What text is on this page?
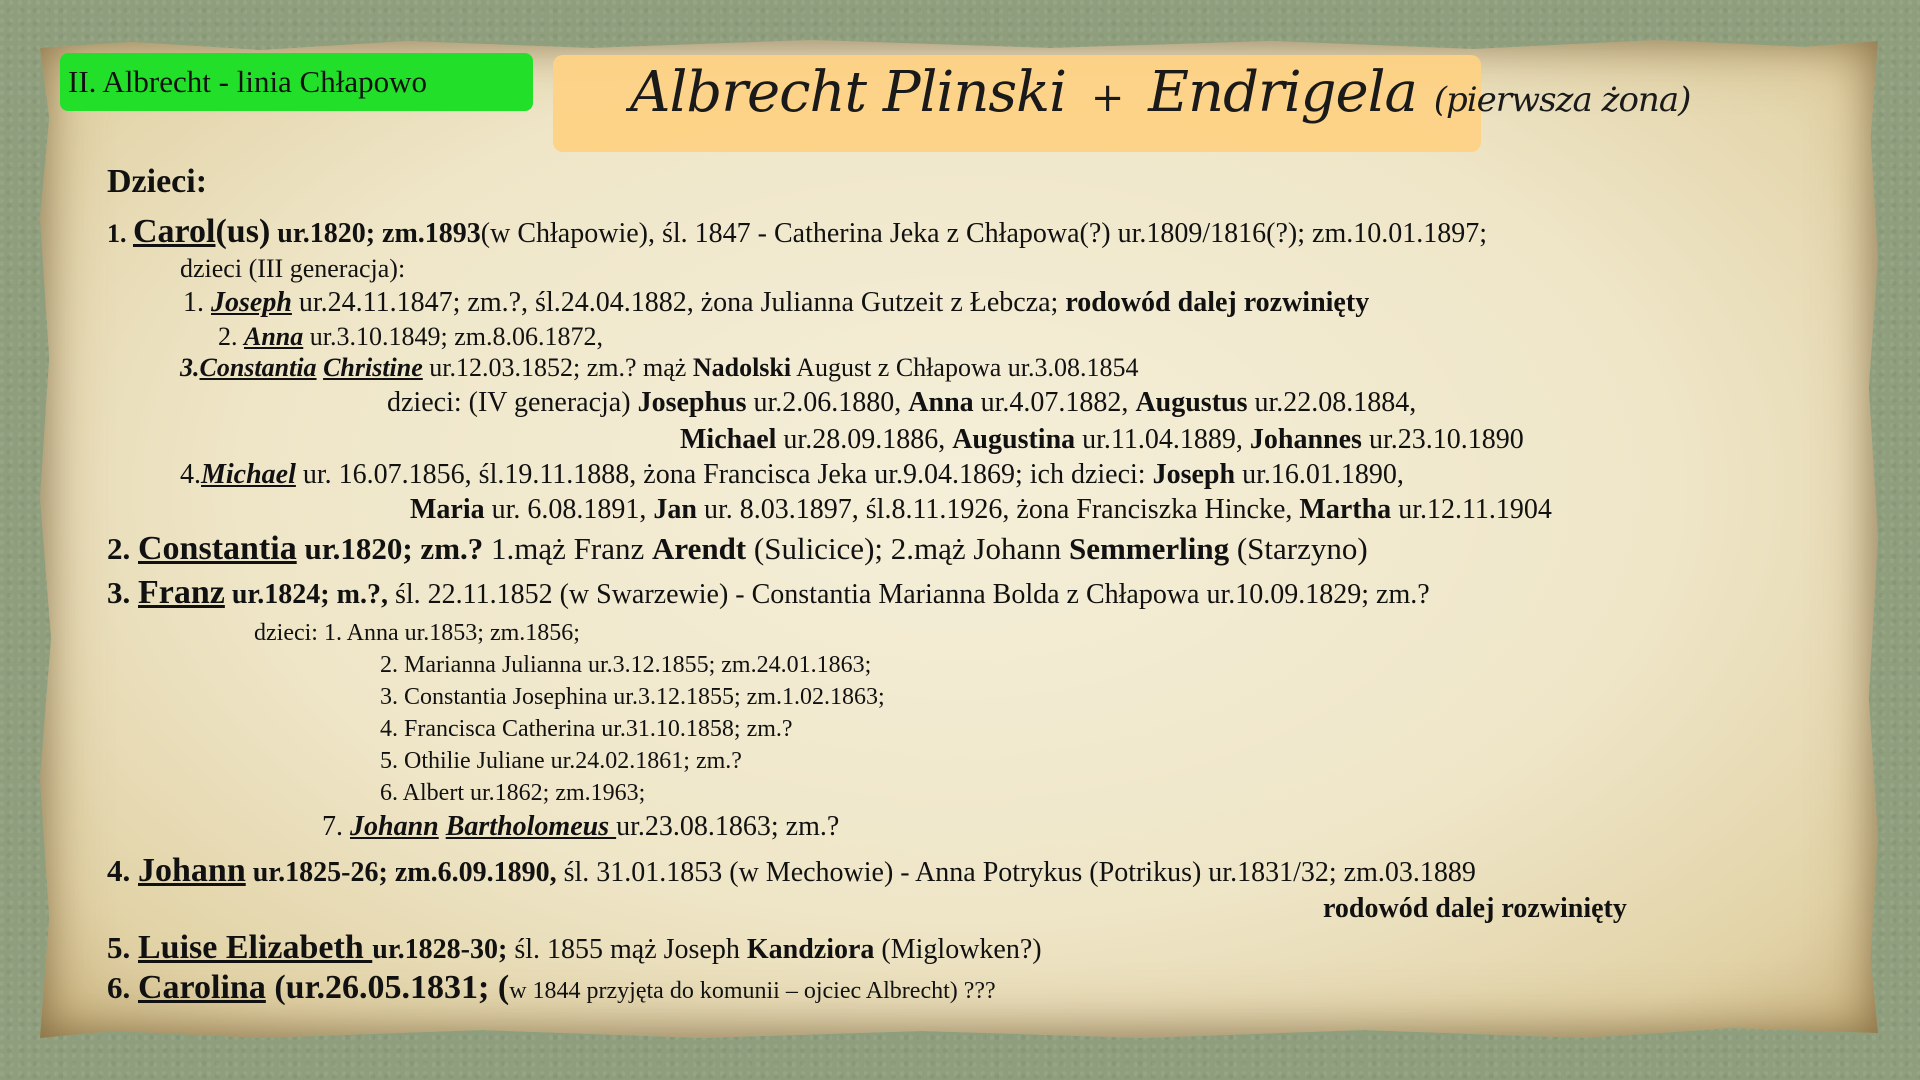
II. Albrecht - linia Chłapowo	Albrecht Plinski + Endrigela (pierwsza żona)
Dzieci:
1. Carol(us) ur.1820; zm.1893(w Chłapowie), śl. 1847 - Catherina Jeka z Chłapowa(?) ur.1809/1816(?); zm.10.01.1897;
dzieci (III generacja):
1. Joseph ur.24.11.1847; zm.?, śl.24.04.1882, żona Julianna Gutzeit z Łebcza; rodowód dalej rozwinięty
2. Anna ur.3.10.1849; zm.8.06.1872,
3.Constantia Christine ur.12.03.1852; zm.? mąż Nadolski August z Chłapowa ur.3.08.1854
dzieci: (IV generacja) Josephus ur.2.06.1880, Anna ur.4.07.1882, Augustus ur.22.08.1884,
Michael ur.28.09.1886, Augustina ur.11.04.1889, Johannes ur.23.10.1890
4.Michael ur. 16.07.1856, śl.19.11.1888, żona Francisca Jeka ur.9.04.1869; ich dzieci: Joseph ur.16.01.1890,
Maria ur. 6.08.1891, Jan ur. 8.03.1897, śl.8.11.1926, żona Franciszka Hincke, Martha ur.12.11.1904
2. Constantia ur.1820; zm.? 1.mąż Franz Arendt (Sulicice); 2.mąż Johann Semmerling (Starzyno)
3. Franz ur.1824; m.?, śl. 22.11.1852 (w Swarzewie) - Constantia Marianna Bolda z Chłapowa ur.10.09.1829; zm.?
dzieci: 1. Anna ur.1853; zm.1856;
2. Marianna Julianna ur.3.12.1855; zm.24.01.1863;
3. Constantia Josephina ur.3.12.1855; zm.1.02.1863;
4. Francisca Catherina ur.31.10.1858; zm.?
5. Othilie Juliane ur.24.02.1861; zm.?
6. Albert ur.1862; zm.1963;
7. Johann Bartholomeus ur.23.08.1863; zm.?
4. Johann ur.1825-26; zm.6.09.1890, śl. 31.01.1853 (w Mechowie) - Anna Potrykus (Potrikus) ur.1831/32; zm.03.1889
rodowód dalej rozwinięty
5. Luise Elizabeth ur.1828-30; śl. 1855 mąż Joseph Kandziora (Miglowken?)
6. Carolina (ur.26.05.1831; (w 1844 przyjęta do komunii – ojciec Albrecht) ???
